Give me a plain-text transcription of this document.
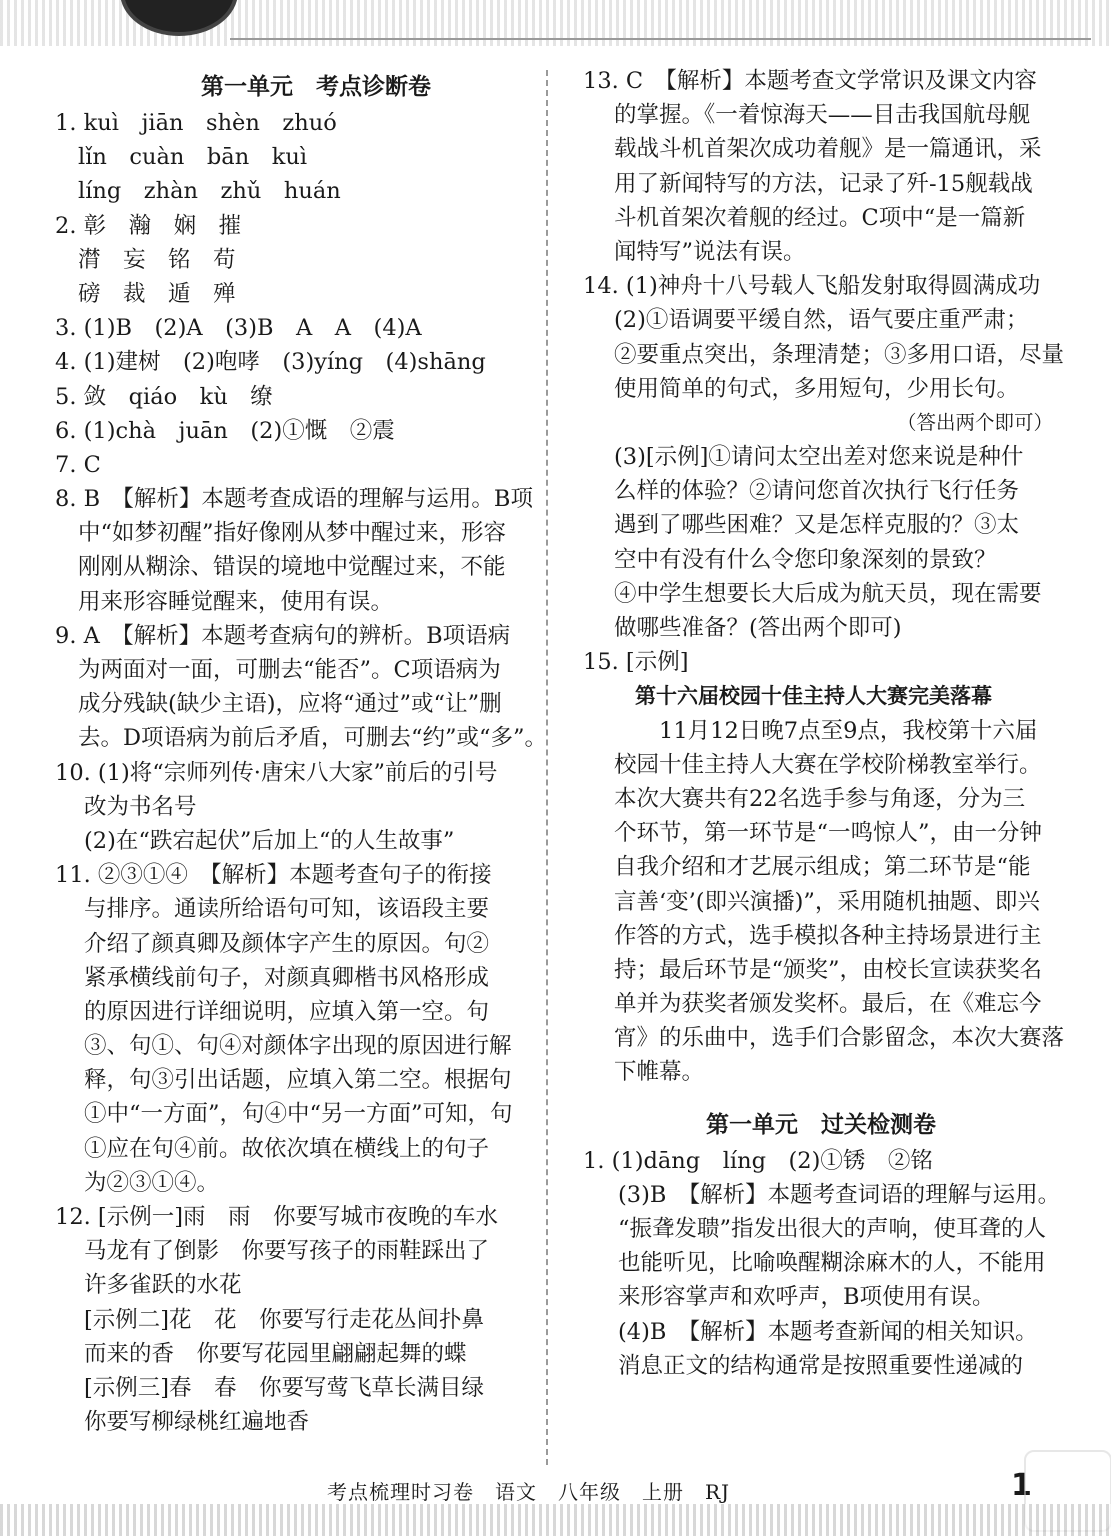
第一单元　考点诊断卷
1. kuì　jiān　shèn　zhuó
lǐn　cuàn　bān　kuì
líng　zhàn　zhǔ　huán
2. 彰　瀚　娴　摧
潸　妄　铭　苟
磅　裁　遁　殚
3. (1)B　(2)A　(3)B　A　A　(4)A
4. (1)建树　(2)咆哮　(3)yíng　(4)shāng
5. 敛　qiáo　kù　缭
6. (1)chà　juān　(2)①慨　②震
7. C
8. B　【解析】本题考查成语的理解与运用。B项
中“如梦初醒”指好像刚从梦中醒过来，形容
刚刚从糊涂、错误的境地中觉醒过来，不能
用来形容睡觉醒来，使用有误。
9. A　【解析】本题考查病句的辨析。B项语病
为两面对一面，可删去“能否”。C项语病为
成分残缺(缺少主语)，应将“通过”或“让”删
去。D项语病为前后矛盾，可删去“约”或“多”。
10. (1)将“宗师列传·唐宋八大家”前后的引号
改为书名号
(2)在“跌宕起伏”后加上“的人生故事”
11. ②③①④　【解析】本题考查句子的衔接
与排序。通读所给语句可知，该语段主要
介绍了颜真卿及颜体字产生的原因。句②
紧承横线前句子，对颜真卿楷书风格形成
的原因进行详细说明，应填入第一空。句
③、句①、句④对颜体字出现的原因进行解
释，句③引出话题，应填入第二空。根据句
①中“一方面”，句④中“另一方面”可知，句
①应在句④前。故依次填在横线上的句子
为②③①④。
12. [示例一]雨　雨　你要写城市夜晚的车水
马龙有了倒影　你要写孩子的雨鞋踩出了
许多雀跃的水花
[示例二]花　花　你要写行走花丛间扑鼻
而来的香　你要写花园里翩翩起舞的蝶
[示例三]春　春　你要写莺飞草长满目绿
你要写柳绿桃红遍地香
13. C　【解析】本题考查文学常识及课文内容
的掌握。《一着惊海天——目击我国航母舰
载战斗机首架次成功着舰》是一篇通讯，采
用了新闻特写的方法，记录了歼-15舰载战
斗机首架次着舰的经过。C项中“是一篇新
闻特写”说法有误。
14. (1)神舟十八号载人飞船发射取得圆满成功
(2)①语调要平缓自然，语气要庄重严肃；
②要重点突出，条理清楚；③多用口语，尽量
使用简单的句式，多用短句，少用长句。
（答出两个即可）
(3)[示例]①请问太空出差对您来说是种什
么样的体验？②请问您首次执行飞行任务
遇到了哪些困难？又是怎样克服的？③太
空中有没有什么令您印象深刻的景致？
④中学生想要长大后成为航天员，现在需要
做哪些准备？(答出两个即可)
15. [示例]
第十六届校园十佳主持人大赛完美落幕
　　11月12日晚7点至9点，我校第十六届
校园十佳主持人大赛在学校阶梯教室举行。
本次大赛共有22名选手参与角逐，分为三
个环节，第一环节是“一鸣惊人”，由一分钟
自我介绍和才艺展示组成；第二环节是“能
言善‘变’(即兴演播)”，采用随机抽题、即兴
作答的方式，选手模拟各种主持场景进行主
持；最后环节是“颁奖”，由校长宣读获奖名
单并为获奖者颁发奖杯。最后，在《难忘今
宵》的乐曲中，选手们合影留念，本次大赛落
下帷幕。
第一单元　过关检测卷
1. (1)dāng　líng　(2)①锈　②铭
(3)B　【解析】本题考查词语的理解与运用。
“振聋发聩”指发出很大的声响，使耳聋的人
也能听见，比喻唤醒糊涂麻木的人，不能用
来形容掌声和欢呼声，B项使用有误。
(4)B　【解析】本题考查新闻的相关知识。
消息正文的结构通常是按照重要性递减的
考点梳理时习卷　语文　八年级　上册　RJ	1
